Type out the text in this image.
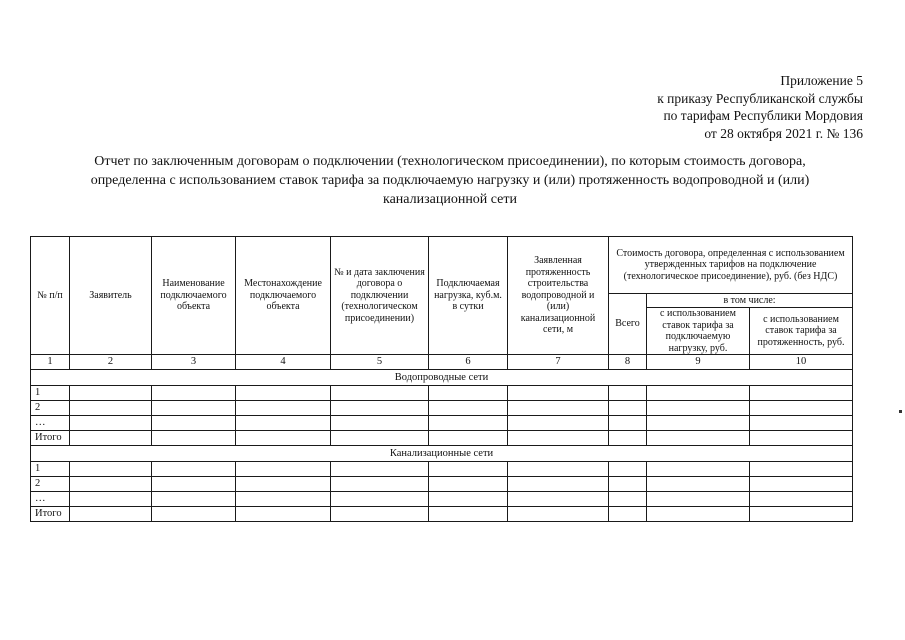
Приложение 5
к приказу Республиканской службы
по тарифам Республики Мордовия
от 28 октября 2021 г. № 136
Отчет по заключенным договорам о подключении (технологическом присоединении), по которым стоимость договора,
определенна с использованием ставок тарифа за подключаемую нагрузку и (или) протяженность водопроводной и (или)
канализационной сети
№ п/п	Заявитель	Наименование подключаемого объекта	Местонахождение подключаемого объекта	№ и дата заключения договора о подключении (технологическом присоединении)	Подключаемая нагрузка, куб.м. в сутки	Заявленная протяженность строительства водопроводной и (или) канализационной сети, м	Стоимость договора, определенная с использованием утвержденных тарифов на подключение (технологическое присоединение), руб. (без НДС)		
							Всего	в том числе:	
								с использованием ставок тарифа за подключаемую нагрузку, руб.	с использованием ставок тарифа за протяженность, руб.
1	2	3	4	5	6	7	8	9	10
Водопроводные сети									
1									
2									
…									
Итого									
Канализационные сети									
1									
2									
…									
Итого									
